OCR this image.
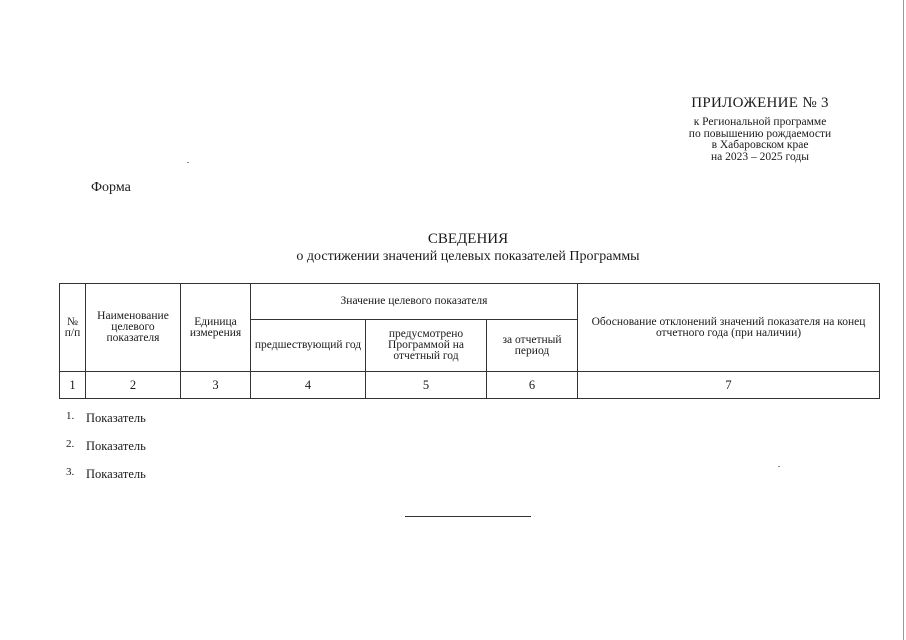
ПРИЛОЖЕНИЕ № 3
к Региональной программе
по повышению рождаемости
в Хабаровском крае
на 2023 – 2025 годы
Форма
СВЕДЕНИЯ
о достижении значений целевых показателей Программы
№ п/п	Наименование целевого показателя	Единица измерения	Значение целевого показателя			Обоснование отклонений значений показателя на конец отчетного года (при наличии)
			предшествующий год	предусмотрено Программой на отчетный год	за отчетный период	
1	2	3	4	5	6	7
1. Показатель
2. Показатель
3. Показатель
